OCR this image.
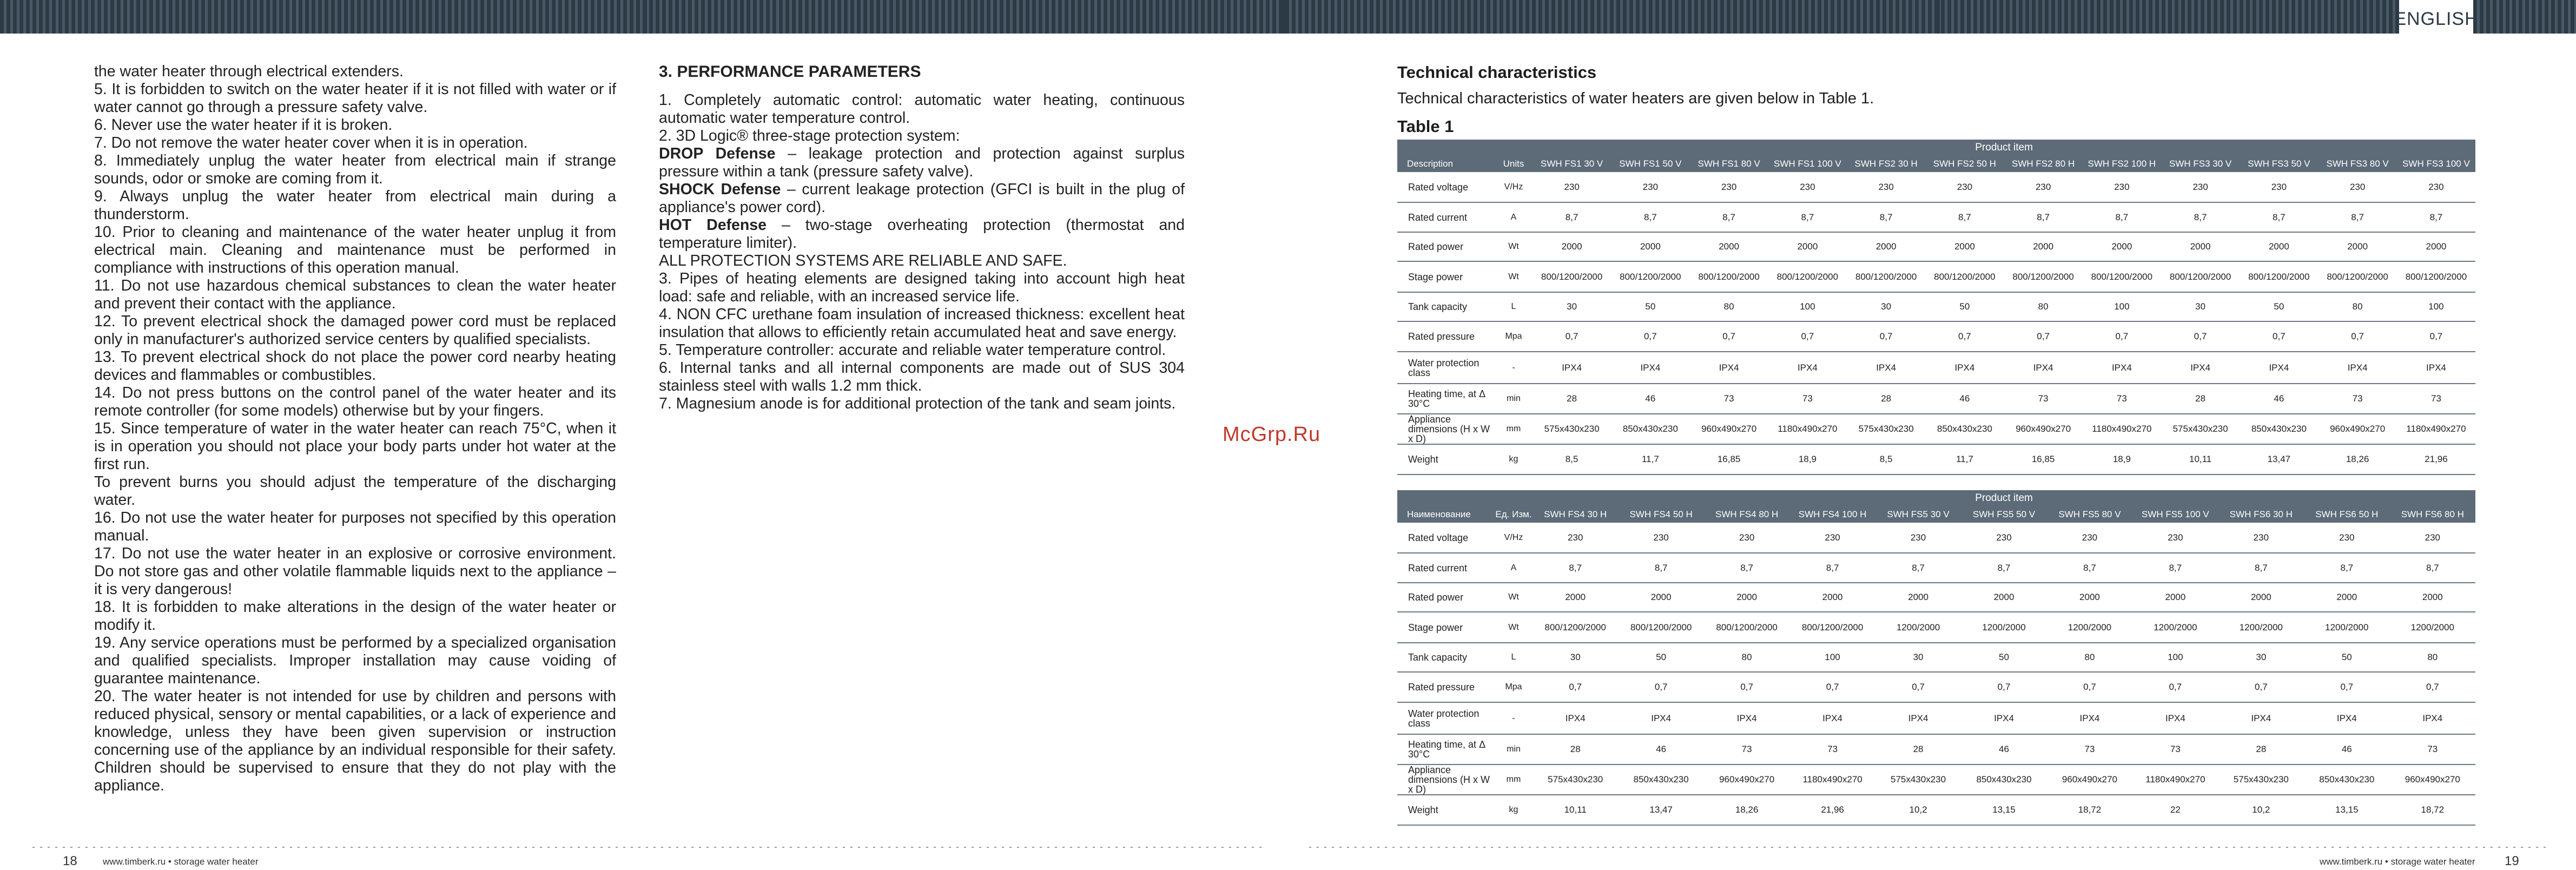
ENGLISH

the water heater through electrical extenders.

5. It is forbidden to switch on the water heater if it is not filled with water or if water cannot go through a pressure safety valve.

6. Never use the water heater if it is broken.

7. Do not remove the water heater cover when it is in operation.

8. Immediately unplug the water heater from electrical main if strange sounds, odor or smoke are coming from it.

9. Always unplug the water heater from electrical main during a thunderstorm.

10. Prior to cleaning and maintenance of the water heater unplug it from electrical main. Cleaning and maintenance must be performed in compliance with instructions of this operation manual.

11. Do not use hazardous chemical substances to clean the water heater and prevent their contact with the appliance.

12. To prevent electrical shock the damaged power cord must be replaced only in manufacturer's authorized service centers by qualified specialists.

13. To prevent electrical shock do not place the power cord nearby heating devices and flammables or combustibles.

14. Do not press buttons on the control panel of the water heater and its remote controller (for some models) otherwise but by your fingers.

15. Since temperature of water in the water heater can reach 75°C, when it is in operation you should not place your body parts under hot water at the first run.

To prevent burns you should adjust the temperature of the discharging water.

16. Do not use the water heater for purposes not specified by this operation manual.

17. Do not use the water heater in an explosive or corrosive environment. Do not store gas and other volatile flammable liquids next to the appliance – it is very dangerous!

18. It is forbidden to make alterations in the design of the water heater or modify it.

19. Any service operations must be performed by a specialized organisation and qualified specialists. Improper installation may cause voiding of guarantee maintenance.

20. The water heater is not intended for use by children and persons with reduced physical, sensory or mental capabilities, or a lack of experience and knowledge, unless they have been given supervision or instruction concerning use of the appliance by an individual responsible for their safety. Children should be supervised to ensure that they do not play with the appliance.

3. PERFORMANCE PARAMETERS

1. Completely automatic control: automatic water heating, continuous automatic water temperature control.

2. 3D Logic® three-stage protection system:

DROP Defense – leakage protection and protection against surplus pressure within a tank (pressure safety valve).

SHOCK Defense – current leakage protection (GFCI is built in the plug of appliance's power cord).

HOT Defense – two-stage overheating protection (thermostat and temperature limiter).

ALL PROTECTION SYSTEMS ARE RELIABLE AND SAFE.

3. Pipes of heating elements are designed taking into account high heat load: safe and reliable, with an increased service life.

4. NON CFC urethane foam insulation of increased thickness: excellent heat insulation that allows to efficiently retain accumulated heat and save energy.

5. Temperature controller: accurate and reliable water temperature control.

6. Internal tanks and all internal components are made out of SUS 304 stainless steel with walls 1.2 mm thick.

7. Magnesium anode is for additional protection of the tank and seam joints.

McGrp.Ru
Technical characteristics
Technical characteristics of water heaters are given below in Table 1.
Table 1
		Product item											
Description	Units	SWH FS1 30 V	SWH FS1 50 V	SWH FS1 80 V	SWH FS1 100 V	SWH FS2 30 H	SWH FS2 50 H	SWH FS2 80 H	SWH FS2 100 H	SWH FS3 30 V	SWH FS3 50 V	SWH FS3 80 V	SWH FS3 100 V
Rated voltage	V/Hz	230	230	230	230	230	230	230	230	230	230	230	230
Rated current	A	8,7	8,7	8,7	8,7	8,7	8,7	8,7	8,7	8,7	8,7	8,7	8,7
Rated power	Wt	2000	2000	2000	2000	2000	2000	2000	2000	2000	2000	2000	2000
Stage power	Wt	800/1200/2000	800/1200/2000	800/1200/2000	800/1200/2000	800/1200/2000	800/1200/2000	800/1200/2000	800/1200/2000	800/1200/2000	800/1200/2000	800/1200/2000	800/1200/2000
Tank capacity	L	30	50	80	100	30	50	80	100	30	50	80	100
Rated pressure	Mpa	0,7	0,7	0,7	0,7	0,7	0,7	0,7	0,7	0,7	0,7	0,7	0,7
Water protection class	-	IPX4	IPX4	IPX4	IPX4	IPX4	IPX4	IPX4	IPX4	IPX4	IPX4	IPX4	IPX4
Heating time, at Δ 30°C	min	28	46	73	73	28	46	73	73	28	46	73	73
Appliance dimensions (H x W x D)	mm	575x430x230	850x430x230	960x490x270	1180x490x270	575x430x230	850x430x230	960x490x270	1180x490x270	575x430x230	850x430x230	960x490x270	1180x490x270
Weight	kg	8,5	11,7	16,85	18,9	8,5	11,7	16,85	18,9	10,11	13,47	18,26	21,96
		Product item										
Наименование	Ед. Изм.	SWH FS4 30 H	SWH FS4 50 H	SWH FS4 80 H	SWH FS4 100 H	SWH FS5 30 V	SWH FS5 50 V	SWH FS5 80 V	SWH FS5 100 V	SWH FS6 30 H	SWH FS6 50 H	SWH FS6 80 H
Rated voltage	V/Hz	230	230	230	230	230	230	230	230	230	230	230
Rated current	A	8,7	8,7	8,7	8,7	8,7	8,7	8,7	8,7	8,7	8,7	8,7
Rated power	Wt	2000	2000	2000	2000	2000	2000	2000	2000	2000	2000	2000
Stage power	Wt	800/1200/2000	800/1200/2000	800/1200/2000	800/1200/2000	1200/2000	1200/2000	1200/2000	1200/2000	1200/2000	1200/2000	1200/2000
Tank capacity	L	30	50	80	100	30	50	80	100	30	50	80
Rated pressure	Mpa	0,7	0,7	0,7	0,7	0,7	0,7	0,7	0,7	0,7	0,7	0,7
Water protection class	-	IPX4	IPX4	IPX4	IPX4	IPX4	IPX4	IPX4	IPX4	IPX4	IPX4	IPX4
Heating time, at Δ 30°C	min	28	46	73	73	28	46	73	73	28	46	73
Appliance dimensions (H x W x D)	mm	575x430x230	850x430x230	960x490x270	1180x490x270	575x430x230	850x430x230	960x490x270	1180x490x270	575x430x230	850x430x230	960x490x270
Weight	kg	10,11	13,47	18,26	21,96	10,2	13,15	18,72	22	10,2	13,15	18,72
18	www.timberk.ru • storage water heater	www.timberk.ru • storage water heater 19
